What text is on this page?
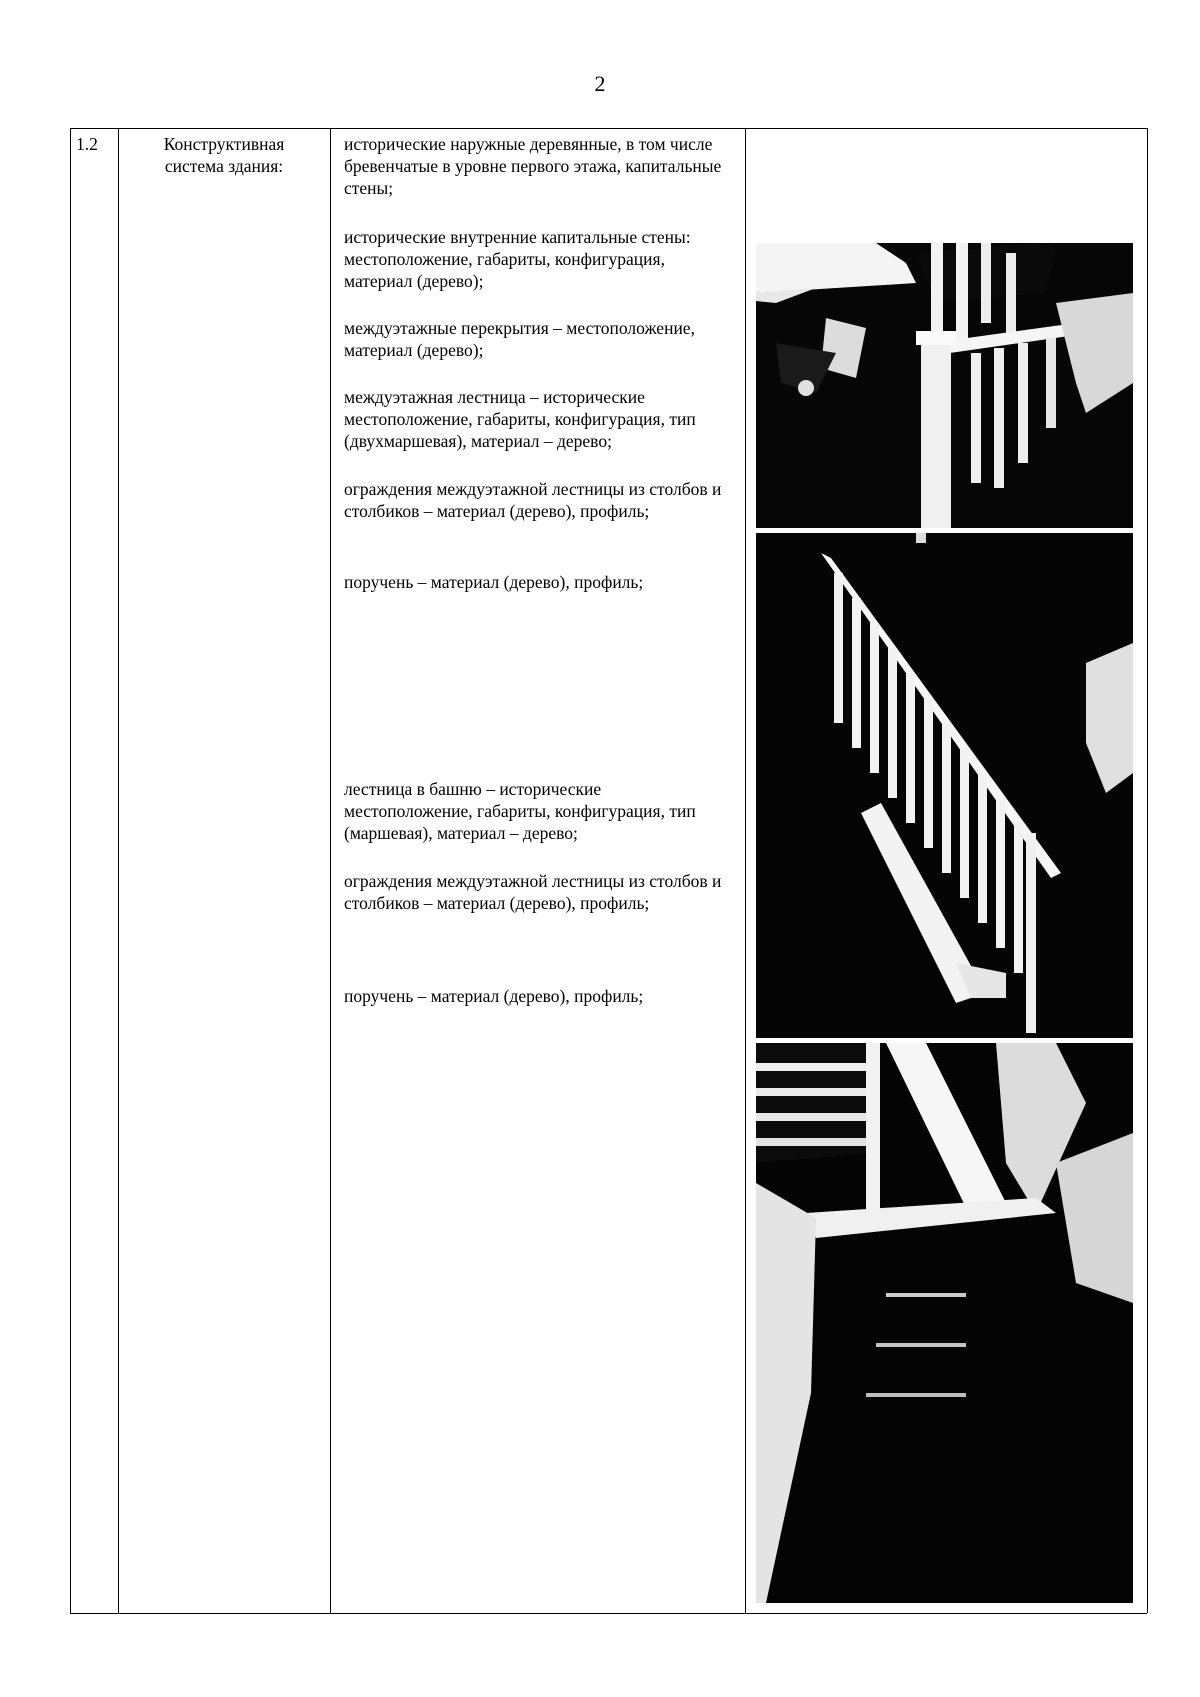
2
1.2	Конструктивная система здания:
исторические наружные деревянные, в том числе бревенчатые в уровне первого этажа, капитальные стены;
исторические внутренние капитальные стены: местоположение, габариты, конфигурация, материал (дерево);
междуэтажные перекрытия – местоположение, материал (дерево);
междуэтажная лестница – исторические местоположение, габариты, конфигурация, тип (двухмаршевая), материал – дерево;
ограждения междуэтажной лестницы из столбов и столбиков – материал (дерево), профиль;
поручень – материал (дерево), профиль;
лестница в башню – исторические местоположение, габариты, конфигурация, тип (маршевая), материал – дерево;
ограждения междуэтажной лестницы из столбов и столбиков – материал (дерево), профиль;
поручень – материал (дерево), профиль;
